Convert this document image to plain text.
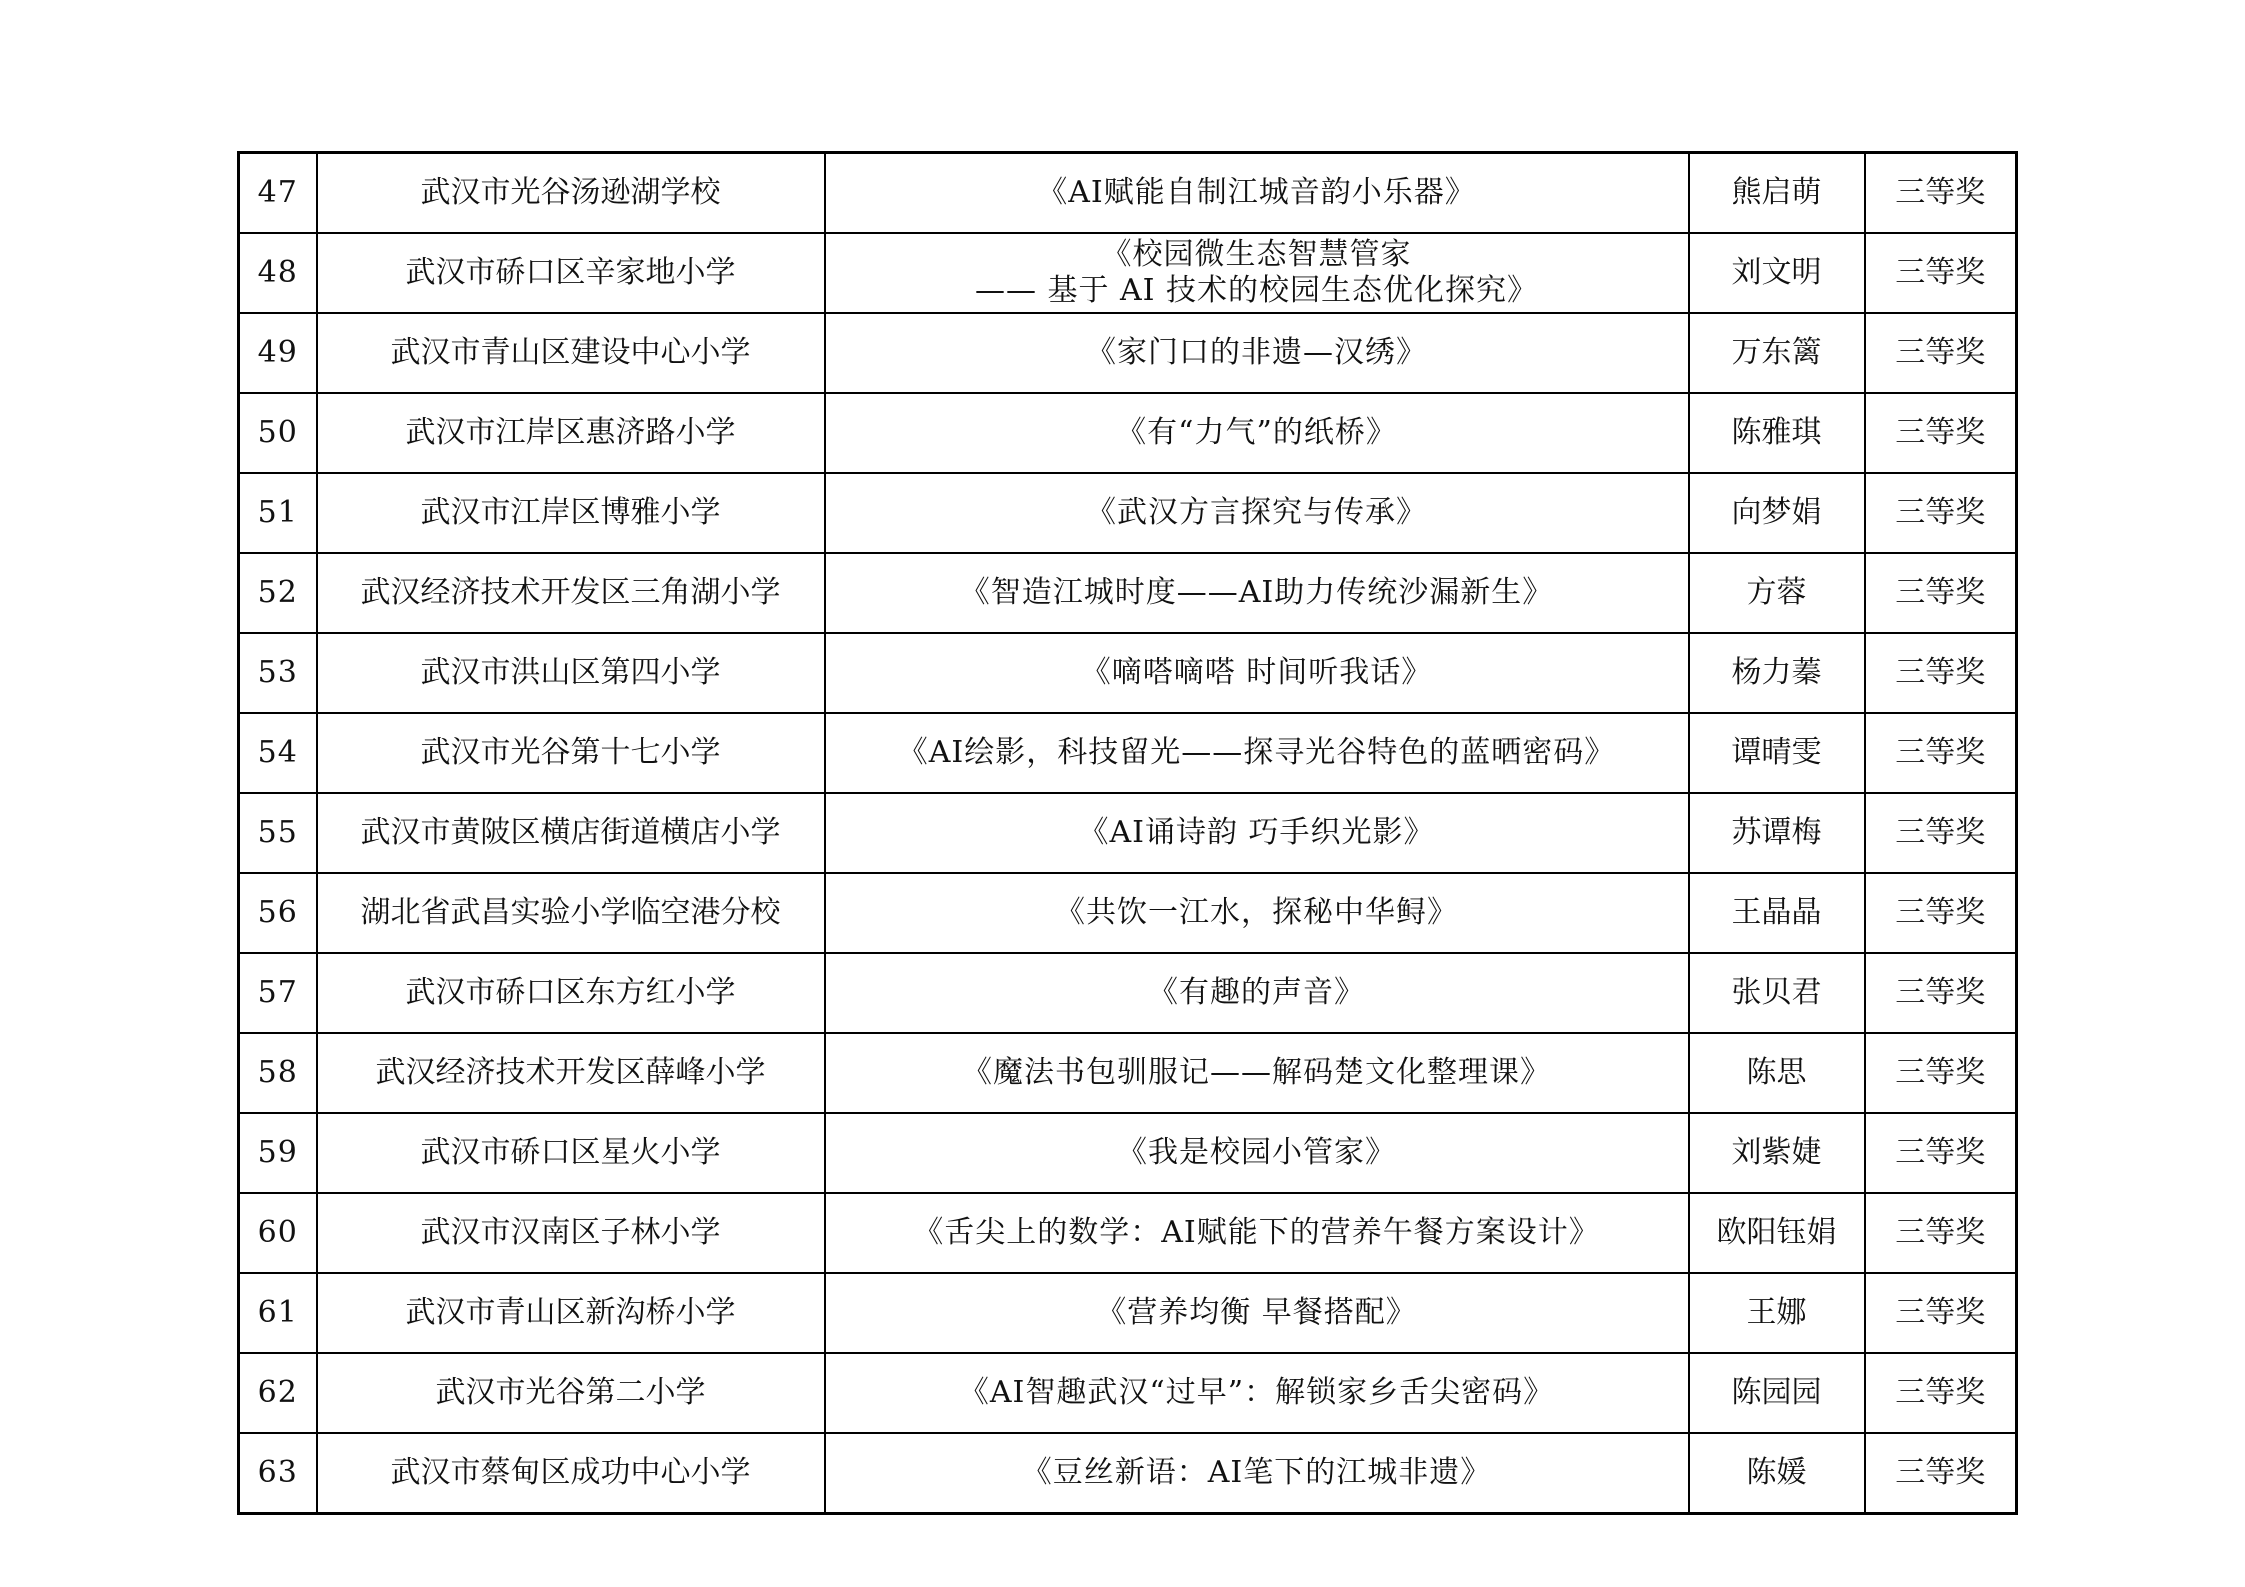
47	武汉市光谷汤逊湖学校	《AI赋能自制江城音韵小乐器》	熊启萌	三等奖
48	武汉市硚口区辛家地小学	《校园微生态智慧管家
—— 基于 AI 技术的校园生态优化探究》	刘文明	三等奖
49	武汉市青山区建设中心小学	《家门口的非遗—汉绣》	万东篱	三等奖
50	武汉市江岸区惠济路小学	《有“力气”的纸桥》	陈雅琪	三等奖
51	武汉市江岸区博雅小学	《武汉方言探究与传承》	向梦娟	三等奖
52	武汉经济技术开发区三角湖小学	《智造江城时度——AI助力传统沙漏新生》	方蓉	三等奖
53	武汉市洪山区第四小学	《嘀嗒嘀嗒 时间听我话》	杨力蓁	三等奖
54	武汉市光谷第十七小学	《AI绘影，科技留光——探寻光谷特色的蓝晒密码》	谭晴雯	三等奖
55	武汉市黄陂区横店街道横店小学	《AI诵诗韵 巧手织光影》	苏谭梅	三等奖
56	湖北省武昌实验小学临空港分校	《共饮一江水，探秘中华鲟》	王晶晶	三等奖
57	武汉市硚口区东方红小学	《有趣的声音》	张贝君	三等奖
58	武汉经济技术开发区薛峰小学	《魔法书包驯服记——解码楚文化整理课》	陈思	三等奖
59	武汉市硚口区星火小学	《我是校园小管家》	刘紫婕	三等奖
60	武汉市汉南区子林小学	《舌尖上的数学：AI赋能下的营养午餐方案设计》	欧阳钰娟	三等奖
61	武汉市青山区新沟桥小学	《营养均衡 早餐搭配》	王娜	三等奖
62	武汉市光谷第二小学	《AI智趣武汉“过早”：解锁家乡舌尖密码》	陈园园	三等奖
63	武汉市蔡甸区成功中心小学	《豆丝新语：AI笔下的江城非遗》	陈媛	三等奖
